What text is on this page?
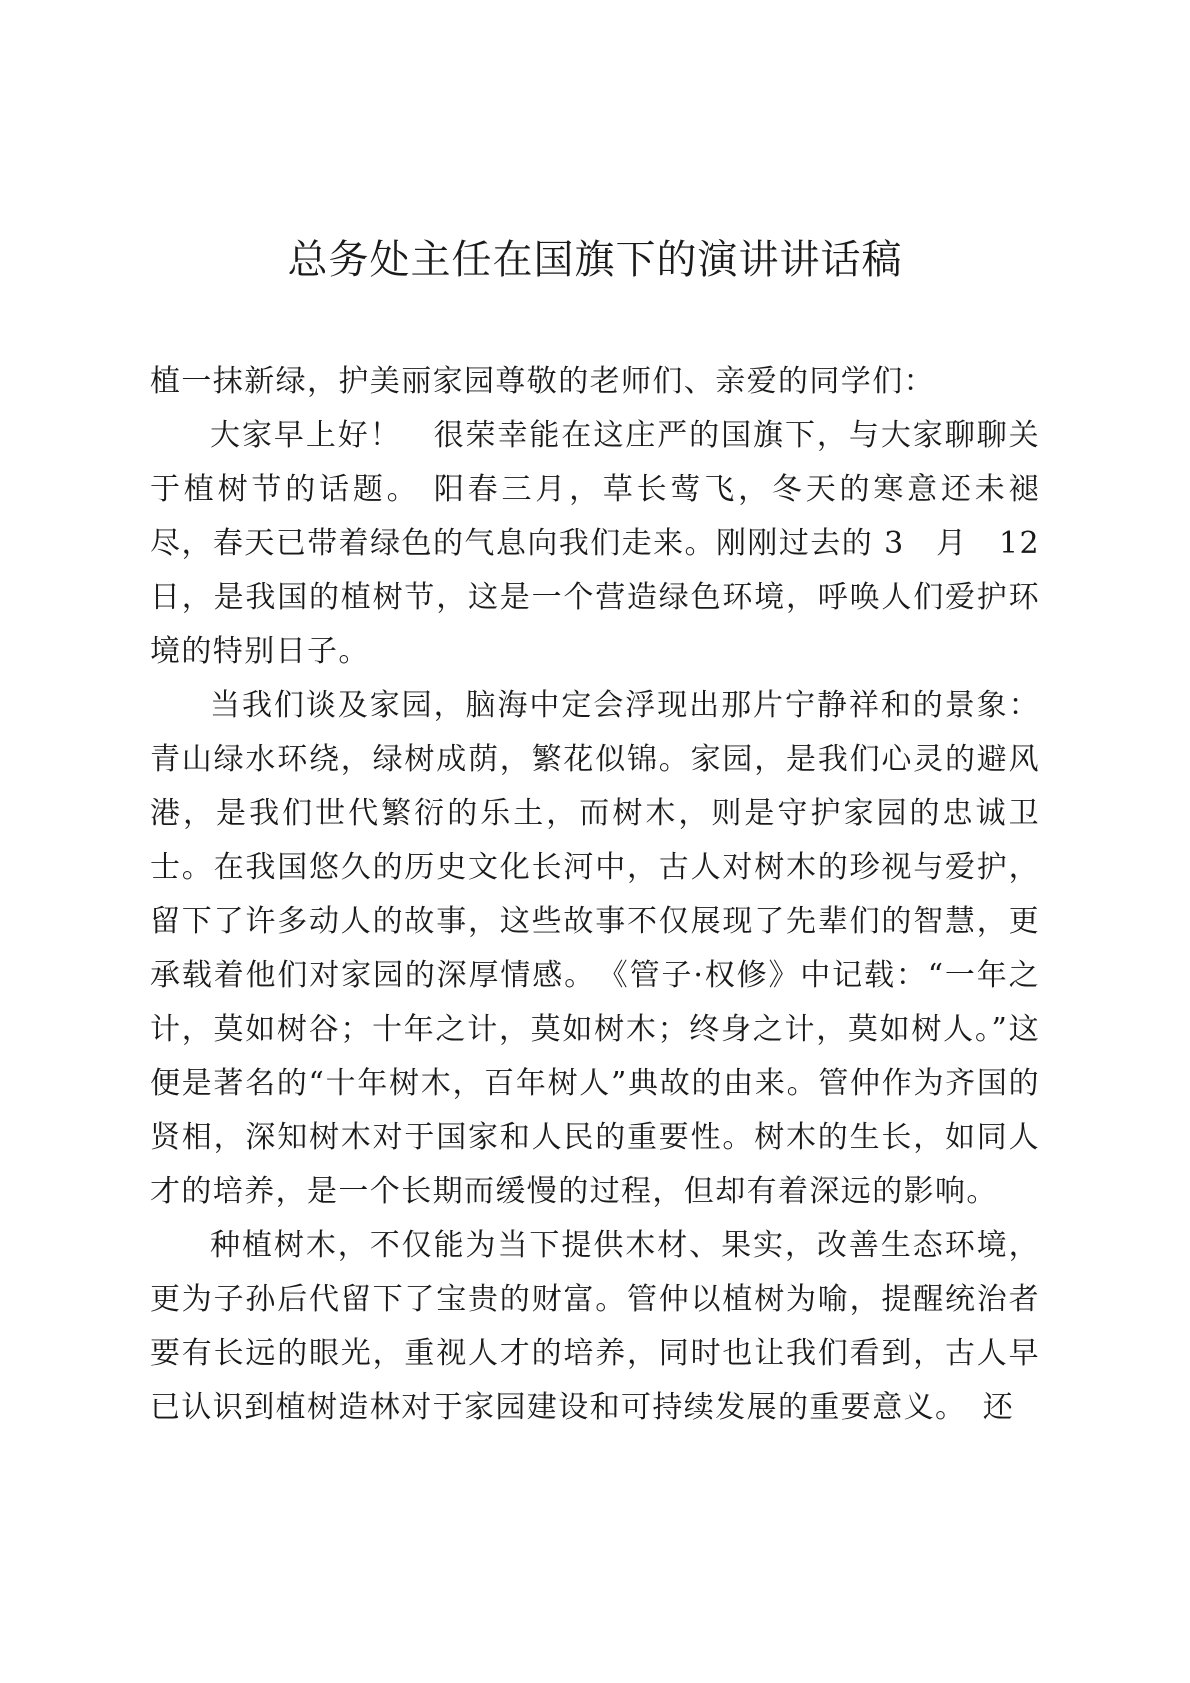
总务处主任在国旗下的演讲讲话稿

植一抹新绿，护美丽家园尊敬的老师们、亲爱的同学们：

大家早上好！　很荣幸能在这庄严的国旗下，与大家聊聊关于植树节的话题。 阳春三月，草长莺飞，冬天的寒意还未褪尽，春天已带着绿色的气息向我们走来。刚刚过去的 3　月　12　日，是我国的植树节，这是一个营造绿色环境，呼唤人们爱护环境的特别日子。

当我们谈及家园，脑海中定会浮现出那片宁静祥和的景象：青山绿水环绕，绿树成荫，繁花似锦。家园，是我们心灵的避风港，是我们世代繁衍的乐土，而树木，则是守护家园的忠诚卫士。在我国悠久的历史文化长河中，古人对树木的珍视与爱护，留下了许多动人的故事，这些故事不仅展现了先辈们的智慧，更承载着他们对家园的深厚情感。　《管子·权修》中记载：“一年之计，莫如树谷；十年之计，莫如树木；终身之计，莫如树人。”这便是著名的“十年树木，百年树人”典故的由来。管仲作为齐国的贤相，深知树木对于国家和人民的重要性。树木的生长，如同人才的培养，是一个长期而缓慢的过程，但却有着深远的影响。

种植树木，不仅能为当下提供木材、果实，改善生态环境，更为子孙后代留下了宝贵的财富。管仲以植树为喻，提醒统治者要有长远的眼光，重视人才的培养，同时也让我们看到，古人早已认识到植树造林对于家园建设和可持续发展的重要意义。　还
